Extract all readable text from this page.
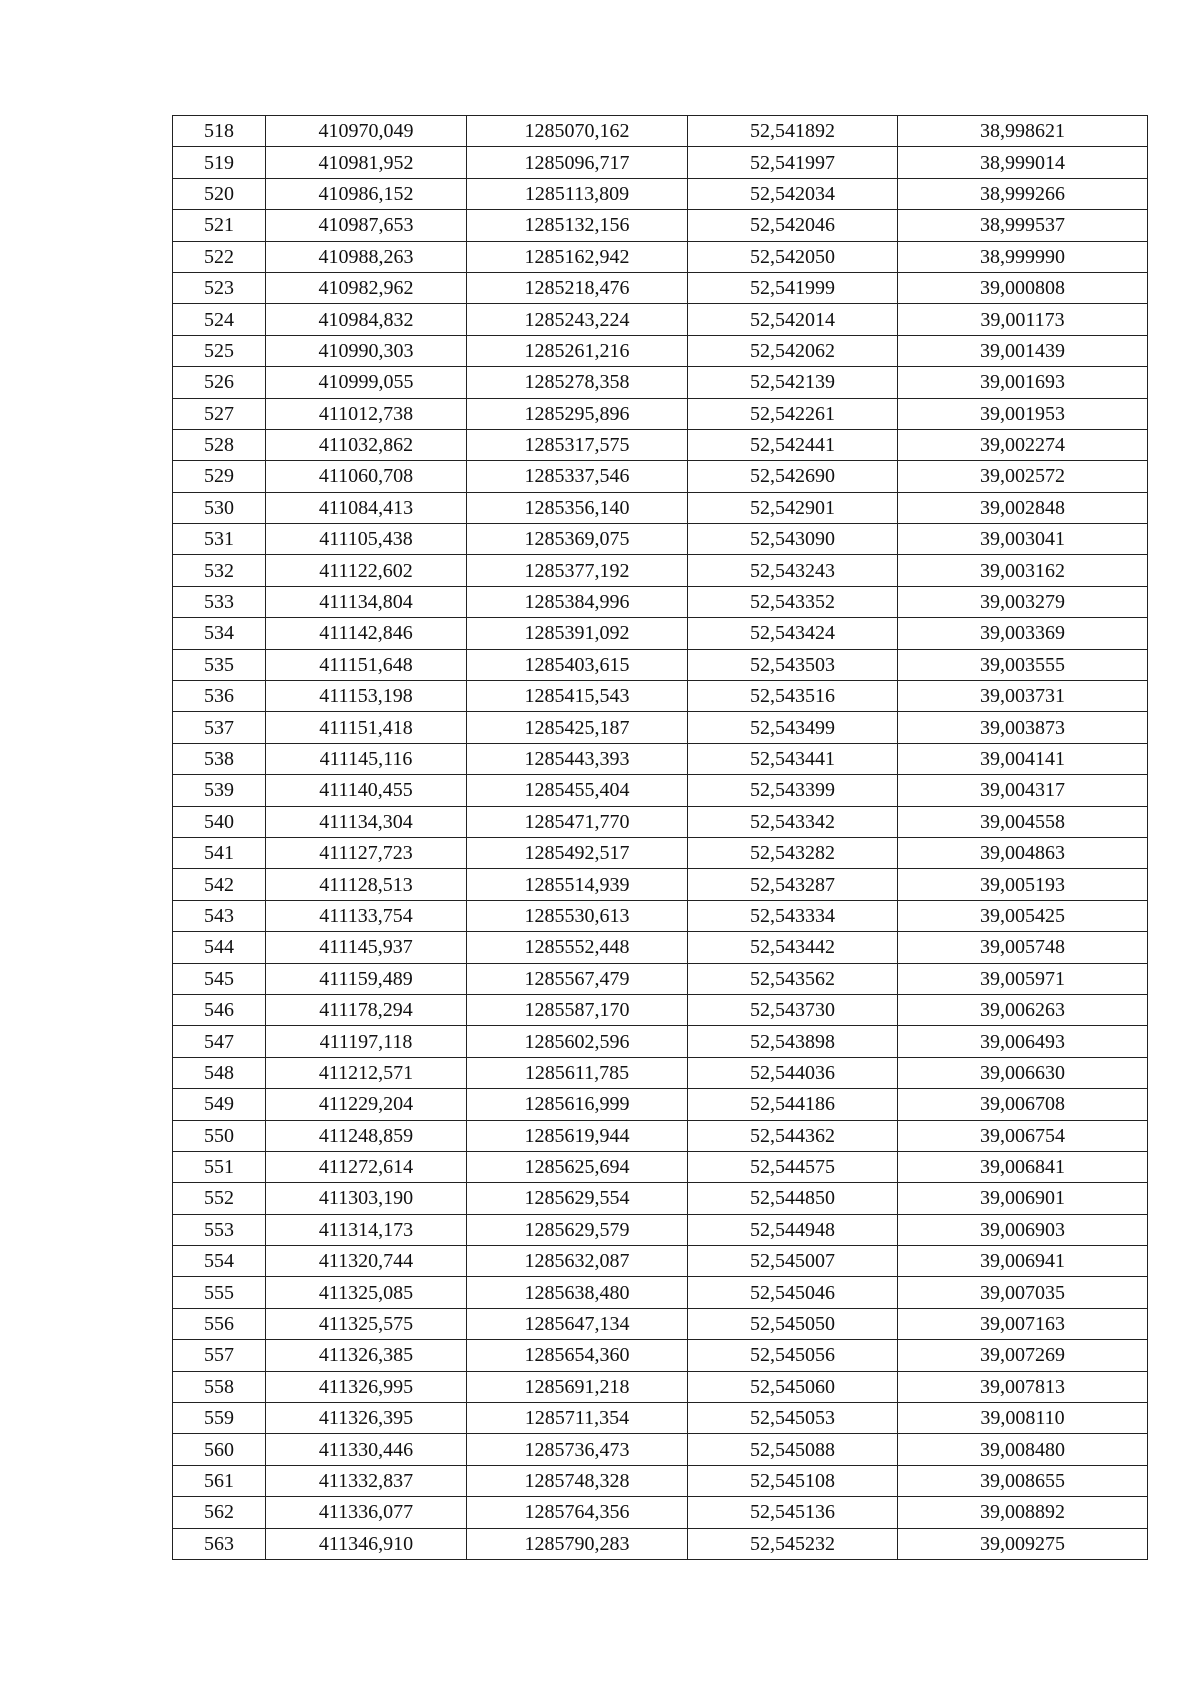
518	410970,049	1285070,162	52,541892	38,998621
519	410981,952	1285096,717	52,541997	38,999014
520	410986,152	1285113,809	52,542034	38,999266
521	410987,653	1285132,156	52,542046	38,999537
522	410988,263	1285162,942	52,542050	38,999990
523	410982,962	1285218,476	52,541999	39,000808
524	410984,832	1285243,224	52,542014	39,001173
525	410990,303	1285261,216	52,542062	39,001439
526	410999,055	1285278,358	52,542139	39,001693
527	411012,738	1285295,896	52,542261	39,001953
528	411032,862	1285317,575	52,542441	39,002274
529	411060,708	1285337,546	52,542690	39,002572
530	411084,413	1285356,140	52,542901	39,002848
531	411105,438	1285369,075	52,543090	39,003041
532	411122,602	1285377,192	52,543243	39,003162
533	411134,804	1285384,996	52,543352	39,003279
534	411142,846	1285391,092	52,543424	39,003369
535	411151,648	1285403,615	52,543503	39,003555
536	411153,198	1285415,543	52,543516	39,003731
537	411151,418	1285425,187	52,543499	39,003873
538	411145,116	1285443,393	52,543441	39,004141
539	411140,455	1285455,404	52,543399	39,004317
540	411134,304	1285471,770	52,543342	39,004558
541	411127,723	1285492,517	52,543282	39,004863
542	411128,513	1285514,939	52,543287	39,005193
543	411133,754	1285530,613	52,543334	39,005425
544	411145,937	1285552,448	52,543442	39,005748
545	411159,489	1285567,479	52,543562	39,005971
546	411178,294	1285587,170	52,543730	39,006263
547	411197,118	1285602,596	52,543898	39,006493
548	411212,571	1285611,785	52,544036	39,006630
549	411229,204	1285616,999	52,544186	39,006708
550	411248,859	1285619,944	52,544362	39,006754
551	411272,614	1285625,694	52,544575	39,006841
552	411303,190	1285629,554	52,544850	39,006901
553	411314,173	1285629,579	52,544948	39,006903
554	411320,744	1285632,087	52,545007	39,006941
555	411325,085	1285638,480	52,545046	39,007035
556	411325,575	1285647,134	52,545050	39,007163
557	411326,385	1285654,360	52,545056	39,007269
558	411326,995	1285691,218	52,545060	39,007813
559	411326,395	1285711,354	52,545053	39,008110
560	411330,446	1285736,473	52,545088	39,008480
561	411332,837	1285748,328	52,545108	39,008655
562	411336,077	1285764,356	52,545136	39,008892
563	411346,910	1285790,283	52,545232	39,009275
